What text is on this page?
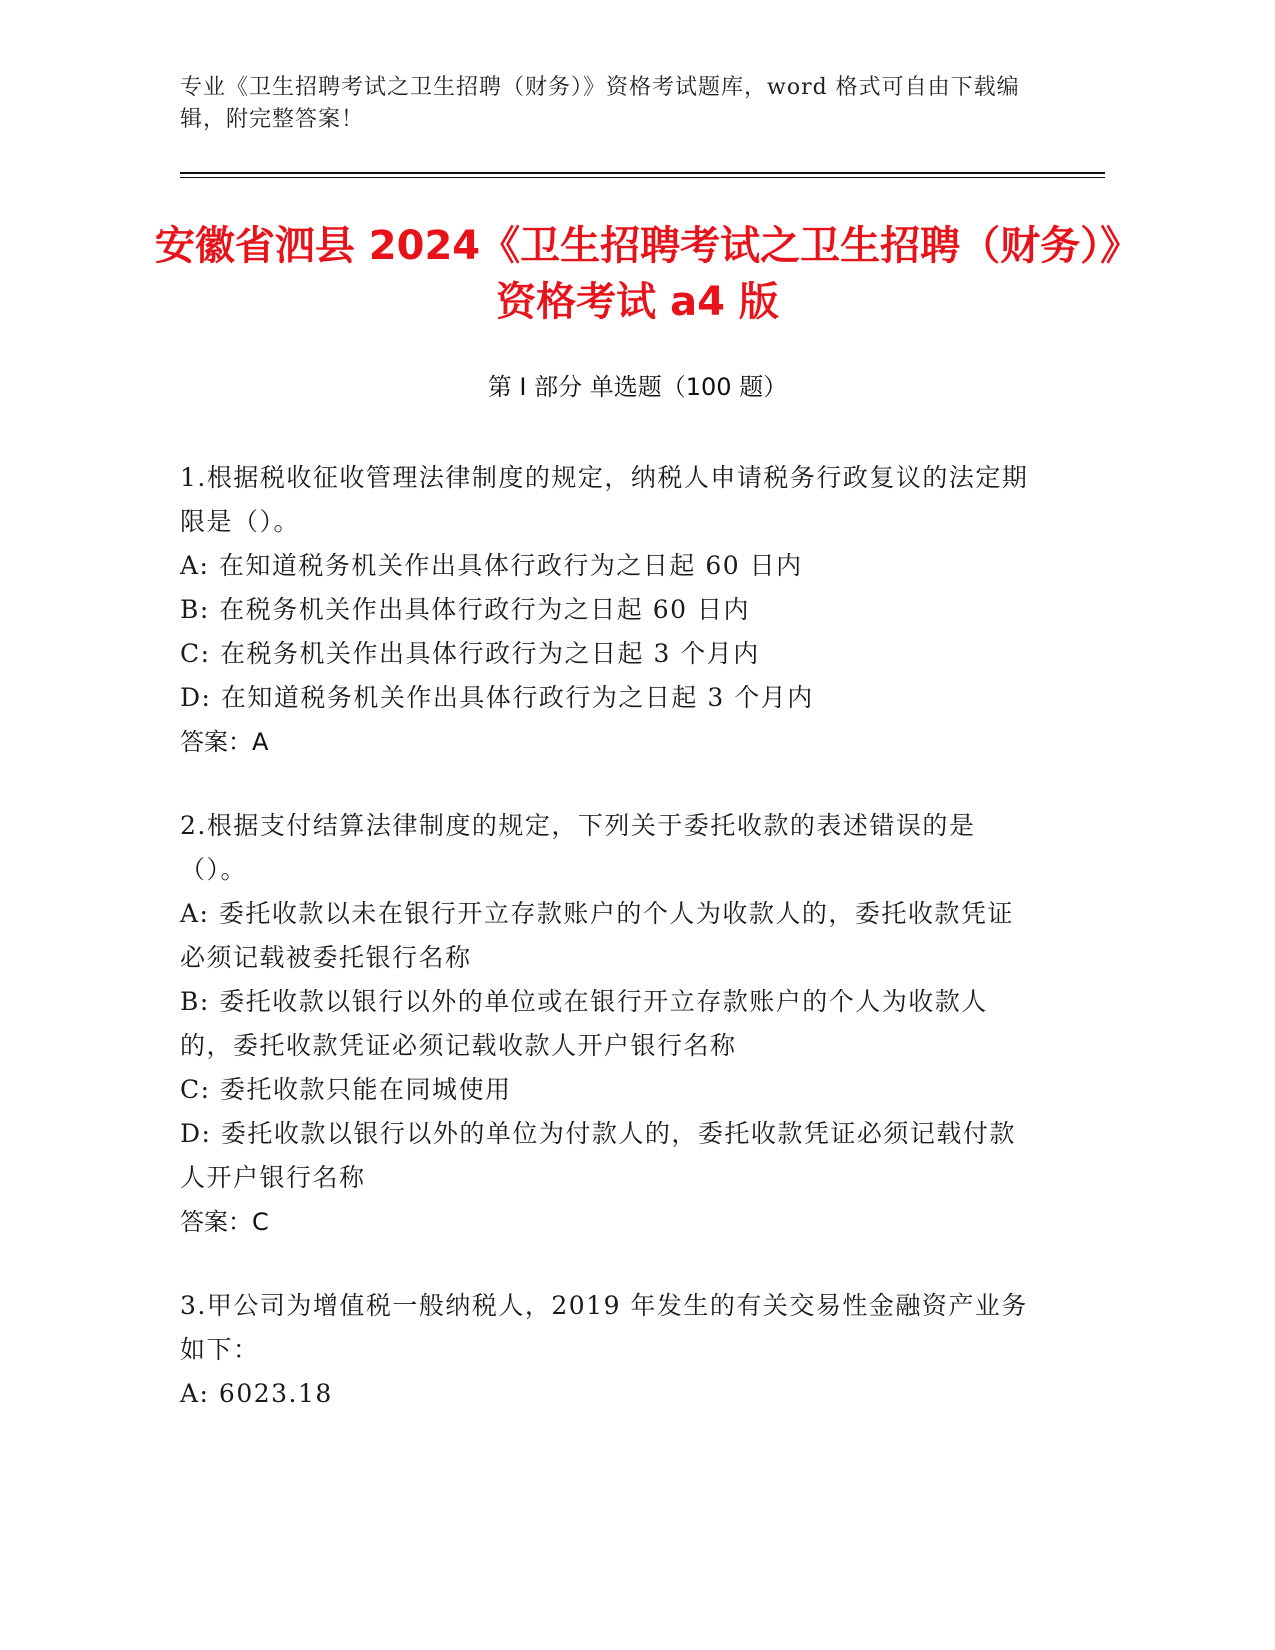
专业《卫生招聘考试之卫生招聘（财务）》资格考试题库，word 格式可自由下载编辑，附完整答案！
安徽省泗县 2024《卫生招聘考试之卫生招聘（财务）》资格考试 a4 版
第 I 部分 单选题（100 题）
1.根据税收征收管理法律制度的规定，纳税人申请税务行政复议的法定期限是（）。
A: 在知道税务机关作出具体行政行为之日起 60 日内
B: 在税务机关作出具体行政行为之日起 60 日内
C: 在税务机关作出具体行政行为之日起 3 个月内
D: 在知道税务机关作出具体行政行为之日起 3 个月内
答案：A
2.根据支付结算法律制度的规定，下列关于委托收款的表述错误的是（）。
A: 委托收款以未在银行开立存款账户的个人为收款人的，委托收款凭证必须记载被委托银行名称
B: 委托收款以银行以外的单位或在银行开立存款账户的个人为收款人的，委托收款凭证必须记载收款人开户银行名称
C: 委托收款只能在同城使用
D: 委托收款以银行以外的单位为付款人的，委托收款凭证必须记载付款人开户银行名称
答案：C
3.甲公司为增值税一般纳税人，2019 年发生的有关交易性金融资产业务如下：
A: 6023.18
